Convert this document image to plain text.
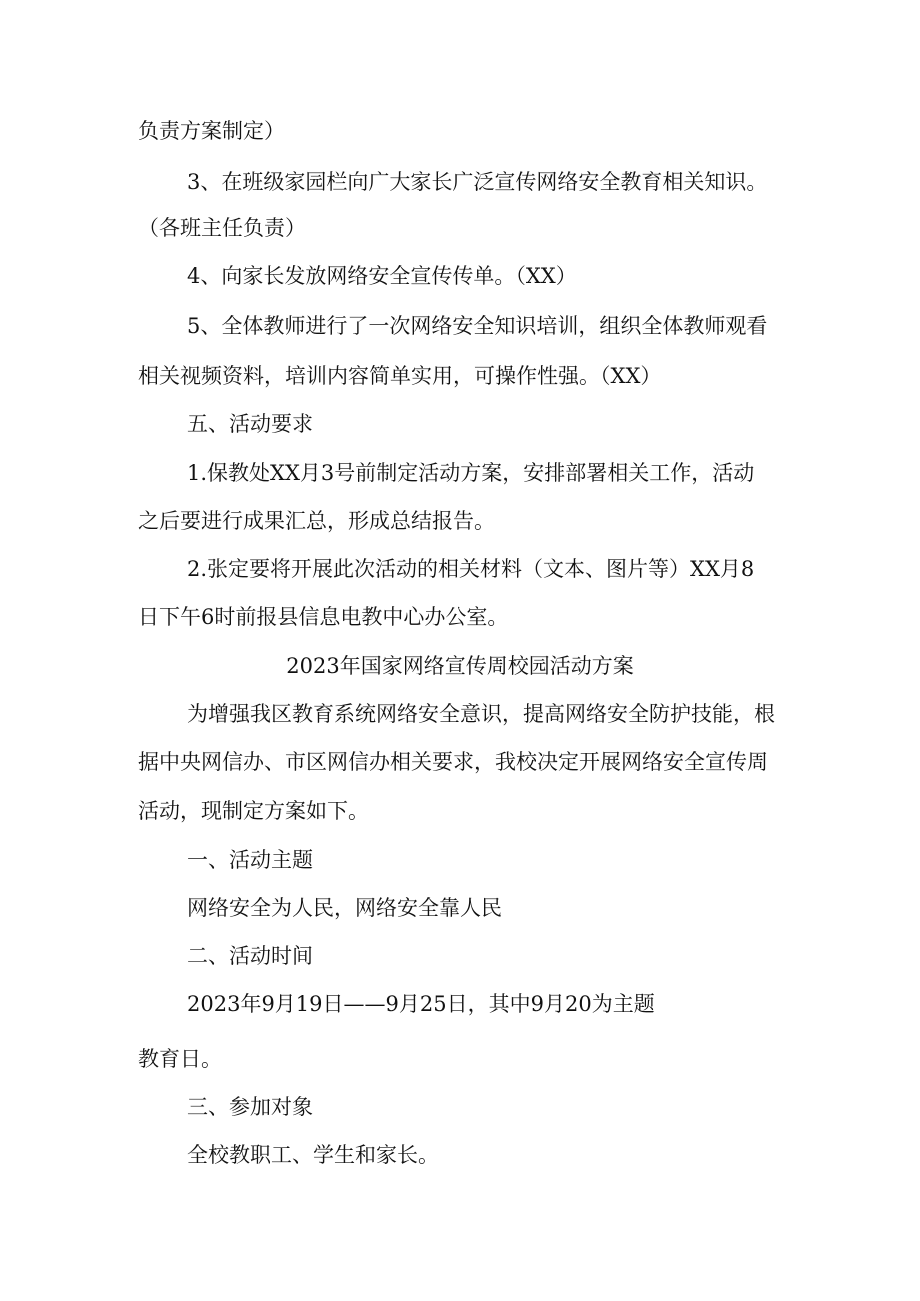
负责方案制定）
3、在班级家园栏向广大家长广泛宣传网络安全教育相关知识。
（各班主任负责）
4、向家长发放网络安全宣传传单。（XX）
5、全体教师进行了一次网络安全知识培训，组织全体教师观看
相关视频资料，培训内容简单实用，可操作性强。（XX）
五、活动要求
1.保教处XX月3号前制定活动方案，安排部署相关工作，活动
之后要进行成果汇总，形成总结报告。
2.张定要将开展此次活动的相关材料（文本、图片等）XX月8
日下午6时前报县信息电教中心办公室。
2023年国家网络宣传周校园活动方案
为增强我区教育系统网络安全意识，提高网络安全防护技能，根
据中央网信办、市区网信办相关要求，我校决定开展网络安全宣传周
活动，现制定方案如下。
一、活动主题
网络安全为人民，网络安全靠人民
二、活动时间
2023年9月19日——9月25日，其中9月20为主题
教育日。
三、参加对象
全校教职工、学生和家长。
